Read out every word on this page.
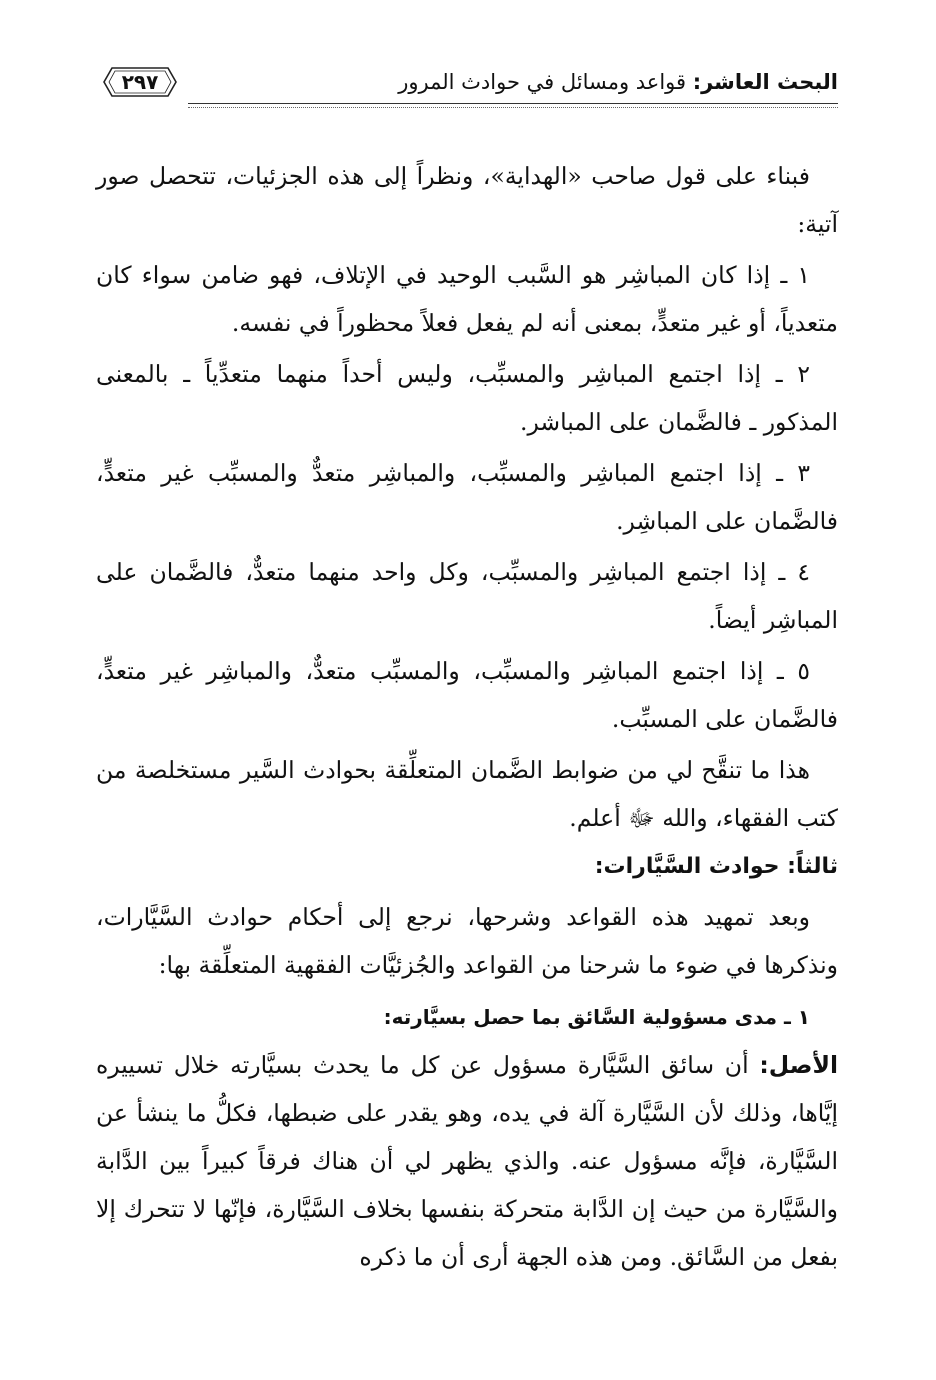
البحث العاشر: قواعد ومسائل في حوادث المرور
٢٩٧

فبناء على قول صاحب «الهداية»، ونظراً إلى هذه الجزئيات، تتحصل صور آتية:

١ ـ إذا كان المباشِر هو السَّبب الوحيد في الإتلاف، فهو ضامن سواء كان متعدياً، أو غير متعدٍّ، بمعنى أنه لم يفعل فعلاً محظوراً في نفسه.

٢ ـ إذا اجتمع المباشِر والمسبِّب، وليس أحداً منهما متعدِّياً ـ بالمعنى المذكور ـ فالضَّمان على المباشر.

٣ ـ إذا اجتمع المباشِر والمسبِّب، والمباشِر متعدٌّ والمسبِّب غير متعدٍّ، فالضَّمان على المباشِر.

٤ ـ إذا اجتمع المباشِر والمسبِّب، وكل واحد منهما متعدٌّ، فالضَّمان على المباشِر أيضاً.

٥ ـ إذا اجتمع المباشِر والمسبِّب، والمسبِّب متعدٌّ، والمباشِر غير متعدٍّ، فالضَّمان على المسبِّب.

هذا ما تنقَّح لي من ضوابط الضَّمان المتعلِّقة بحوادث السَّير مستخلصة من كتب الفقهاء، والله ﷻ أعلم.

ثالثاً: حوادث السَّيَّارات:

وبعد تمهيد هذه القواعد وشرحها، نرجع إلى أحكام حوادث السَّيَّارات، ونذكرها في ضوء ما شرحنا من القواعد والجُزئيَّات الفقهية المتعلِّقة بها:

١ ـ مدى مسؤولية السَّائق بما حصل بسيَّارته:

الأصل: أن سائق السَّيَّارة مسؤول عن كل ما يحدث بسيَّارته خلال تسييره إيَّاها، وذلك لأن السَّيَّارة آلة في يده، وهو يقدر على ضبطها، فكلُّ ما ينشأ عن السَّيَّارة، فإنَّه مسؤول عنه. والذي يظهر لي أن هناك فرقاً كبيراً بين الدَّابة والسَّيَّارة من حيث إن الدَّابة متحركة بنفسها بخلاف السَّيَّارة، فإنّها لا تتحرك إلا بفعل من السَّائق. ومن هذه الجهة أرى أن ما ذكره
